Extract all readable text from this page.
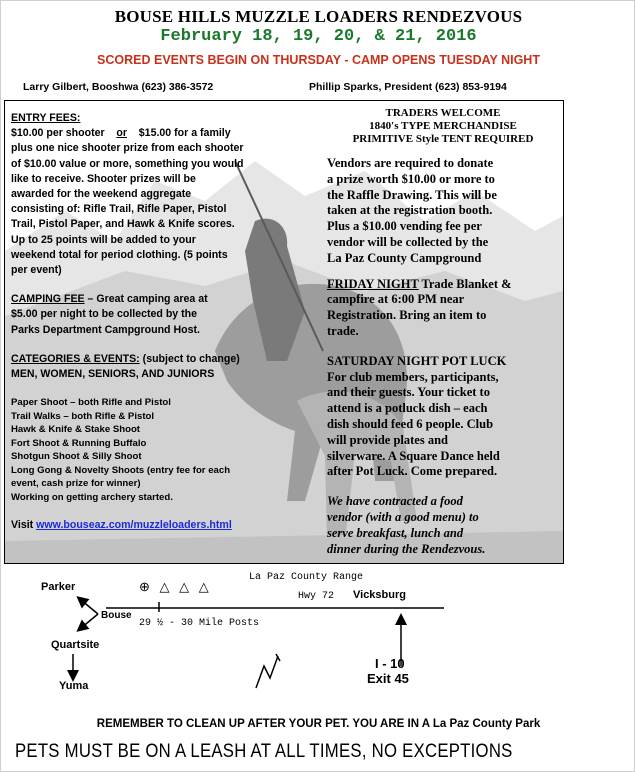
BOUSE HILLS MUZZLE LOADERS RENDEZVOUS
February 18, 19, 20, & 21, 2016
SCORED EVENTS BEGIN ON THURSDAY - CAMP OPENS TUESDAY NIGHT
Larry Gilbert, Booshwa (623) 386-3572	Phillip Sparks, President (623) 853-9194

ENTRY FEES:

$10.00 per shooter or $15.00 for a family

plus one nice shooter prize from each shooter

of $10.00 value or more, something you would

like to receive. Shooter prizes will be

awarded for the weekend aggregate

consisting of: Rifle Trail, Rifle Paper, Pistol

Trail, Pistol Paper, and Hawk & Knife scores.

Up to 25 points will be added to your

weekend total for period clothing. (5 points

per event)

CAMPING FEE – Great camping area at

$5.00 per night to be collected by the

Parks Department Campground Host.

CATEGORIES & EVENTS: (subject to change)

MEN, WOMEN, SENIORS, AND JUNIORS

Paper Shoot – both Rifle and Pistol

Trail Walks – both Rifle & Pistol

Hawk & Knife & Stake Shoot

Fort Shoot & Running Buffalo

Shotgun Shoot & Silly Shoot

Long Gong & Novelty Shoots (entry fee for each

event, cash prize for winner)

Working on getting archery started.

Visit www.bouseaz.com/muzzleloaders.html

TRADERS WELCOME

1840's TYPE MERCHANDISE

PRIMITIVE Style TENT REQUIRED

Vendors are required to donate

a prize worth $10.00 or more to

the Raffle Drawing. This will be

taken at the registration booth.

Plus a $10.00 vending fee per

vendor will be collected by the

La Paz County Campground

FRIDAY NIGHT Trade Blanket &

campfire at 6:00 PM near

Registration. Bring an item to

trade.

SATURDAY NIGHT POT LUCK

For club members, participants,

and their guests. Your ticket to

attend is a potluck dish – each

dish should feed 6 people. Club

will provide plates and

silverware. A Square Dance held

after Pot Luck. Come prepared.

We have contracted a food

vendor (with a good menu) to

serve breakfast, lunch and

dinner during the Rendezvous.

La Paz County Range
⊕ △ △ △
Hwy 72 Vicksburg
Parker
Bouse
Quartsite
Yuma
29 ½ - 30 Mile Posts
I - 10
Exit 45
REMEMBER TO CLEAN UP AFTER YOUR PET. YOU ARE IN A La Paz County Park
PETS MUST BE ON A LEASH AT ALL TIMES, NO EXCEPTIONS
